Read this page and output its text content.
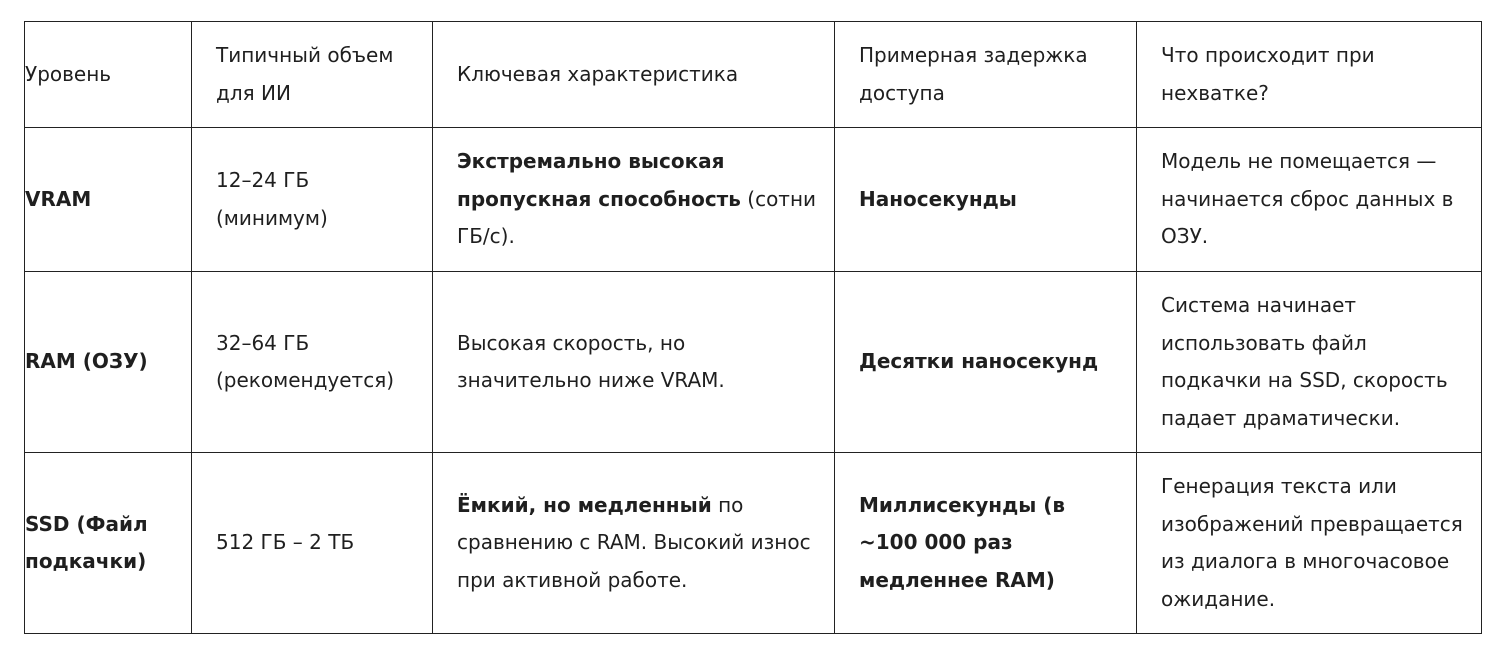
Уровень	Типичный объем для ИИ	Ключевая характеристика	Примерная задержка доступа	Что происходит при нехватке?
VRAM	12–24 ГБ (минимум)	Экстремально высокая пропускная способность (сотни ГБ/с).	Наносекунды	Модель не помещается — начинается сброс данных в ОЗУ.
RAM (ОЗУ)	32–64 ГБ (рекомендуется)	Высокая скорость, но значительно ниже VRAM.	Десятки наносекунд	Система начинает использовать файл подкачки на SSD, скорость падает драматически.
SSD (Файл подкачки)	512 ГБ – 2 ТБ	Ёмкий, но медленный по сравнению с RAM. Высокий износ при активной работе.	Миллисекунды (в ~100 000 раз медленнее RAM)	Генерация текста или изображений превращается из диалога в многочасовое ожидание.
